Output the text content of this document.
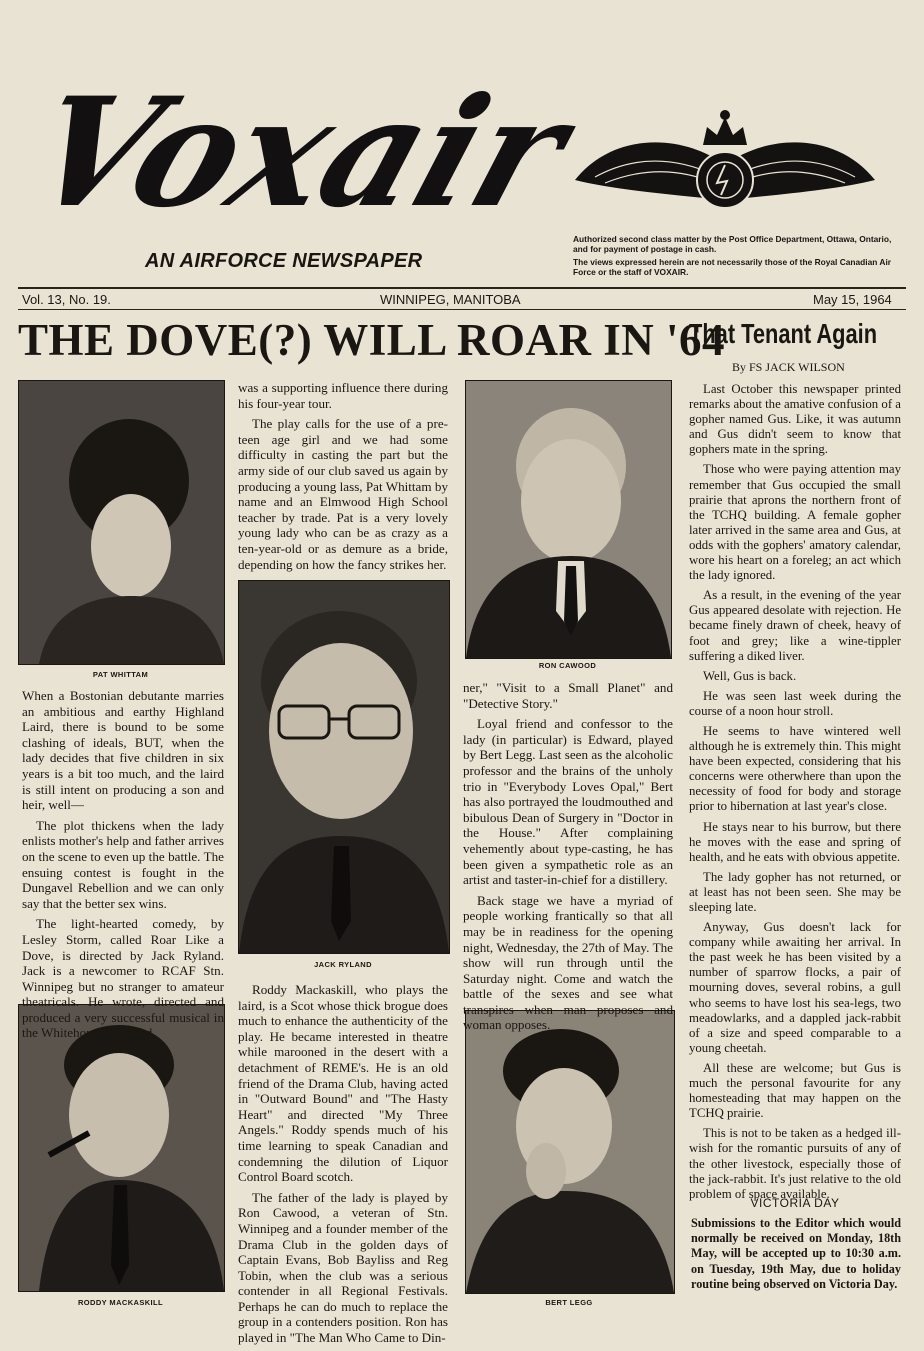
Voxair
AN AIRFORCE NEWSPAPER

Authorized second class matter by the Post Office Department, Ottawa, Ontario, and for payment of postage in cash.

The views expressed herein are not necessarily those of the Royal Canadian Air Force or the staff of VOXAIR.

Vol. 13, No. 19.	WINNIPEG, MANITOBA	May 15, 1964
THE DOVE(?) WILL ROAR IN '64
That Tenant Again
By FS JACK WILSON
PAT WHITTAM
JACK RYLAND
RON CAWOOD
RODDY MACKASKILL	BERT LEGG

When a Bostonian debutante marries an ambitious and earthy Highland Laird, there is bound to be some clashing of ideals, BUT, when the lady decides that five children in six years is a bit too much, and the laird is still intent on producing a son and heir, well—

The plot thickens when the lady enlists mother's help and father arrives on the scene to even up the battle. The ensuing contest is fought in the Dungavel Rebellion and we can only say that the better sex wins.

The light-hearted comedy, by Lesley Storm, called Roar Like a Dove, is directed by Jack Ryland. Jack is a newcomer to RCAF Stn. Winnipeg but no stranger to amateur theatricals. He wrote, directed and produced a very successful musical in the Whitehorse Club and

was a supporting influence there during his four-year tour.

The play calls for the use of a pre-teen age girl and we had some difficulty in casting the part but the army side of our club saved us again by producing a young lass, Pat Whittam by name and an Elmwood High School teacher by trade. Pat is a very lovely young lady who can be as crazy as a ten-year-old or as demure as a bride, depending on how the fancy strikes her.

Roddy Mackaskill, who plays the laird, is a Scot whose thick brogue does much to enhance the authenticity of the play. He became interested in theatre while marooned in the desert with a detachment of REME's. He is an old friend of the Drama Club, having acted in "Outward Bound" and "The Hasty Heart" and directed "My Three Angels." Roddy spends much of his time learning to speak Canadian and condemning the dilution of Liquor Control Board scotch.

The father of the lady is played by Ron Cawood, a veteran of Stn. Winnipeg and a founder member of the Drama Club in the golden days of Captain Evans, Bob Bayliss and Reg Tobin, when the club was a serious contender in all Regional Festivals. Perhaps he can do much to replace the group in a contenders position. Ron has played in "The Man Who Came to Din-

ner," "Visit to a Small Planet" and "Detective Story."

Loyal friend and confessor to the lady (in particular) is Edward, played by Bert Legg. Last seen as the alcoholic professor and the brains of the unholy trio in "Everybody Loves Opal," Bert has also portrayed the loudmouthed and bibulous Dean of Surgery in "Doctor in the House." After complaining vehemently about type-casting, he has been given a sympathetic role as an artist and taster-in-chief for a distillery.

Back stage we have a myriad of people working frantically so that all may be in readiness for the opening night, Wednesday, the 27th of May. The show will run through until the Saturday night. Come and watch the battle of the sexes and see what transpires when man proposes and woman opposes.

Last October this newspaper printed remarks about the amative confusion of a gopher named Gus. Like, it was autumn and Gus didn't seem to know that gophers mate in the spring.

Those who were paying attention may remember that Gus occupied the small prairie that aprons the northern front of the TCHQ building. A female gopher later arrived in the same area and Gus, at odds with the gophers' amatory calendar, wore his heart on a foreleg; an act which the lady ignored.

As a result, in the evening of the year Gus appeared desolate with rejection. He became finely drawn of cheek, heavy of foot and grey; like a wine-tippler suffering a diked liver.

Well, Gus is back.

He was seen last week during the course of a noon hour stroll.

He seems to have wintered well although he is extremely thin. This might have been expected, considering that his concerns were otherwhere than upon the necessity of food for body and storage prior to hibernation at last year's close.

He stays near to his burrow, but there he moves with the ease and spring of health, and he eats with obvious appetite.

The lady gopher has not returned, or at least has not been seen. She may be sleeping late.

Anyway, Gus doesn't lack for company while awaiting her arrival. In the past week he has been visited by a number of sparrow flocks, a pair of mourning doves, several robins, a gull who seems to have lost his sea-legs, two meadowlarks, and a dappled jack-rabbit of a size and speed comparable to a young cheetah.

All these are welcome; but Gus is much the personal favourite for any homesteading that may happen on the TCHQ prairie.

This is not to be taken as a hedged ill-wish for the romantic pursuits of any of the other livestock, especially those of the jack-rabbit. It's just relative to the old problem of space available.

VICTORIA DAY
Submissions to the Editor which would normally be received on Monday, 18th May, will be accepted up to 10:30 a.m. on Tuesday, 19th May, due to holiday routine being observed on Victoria Day.
